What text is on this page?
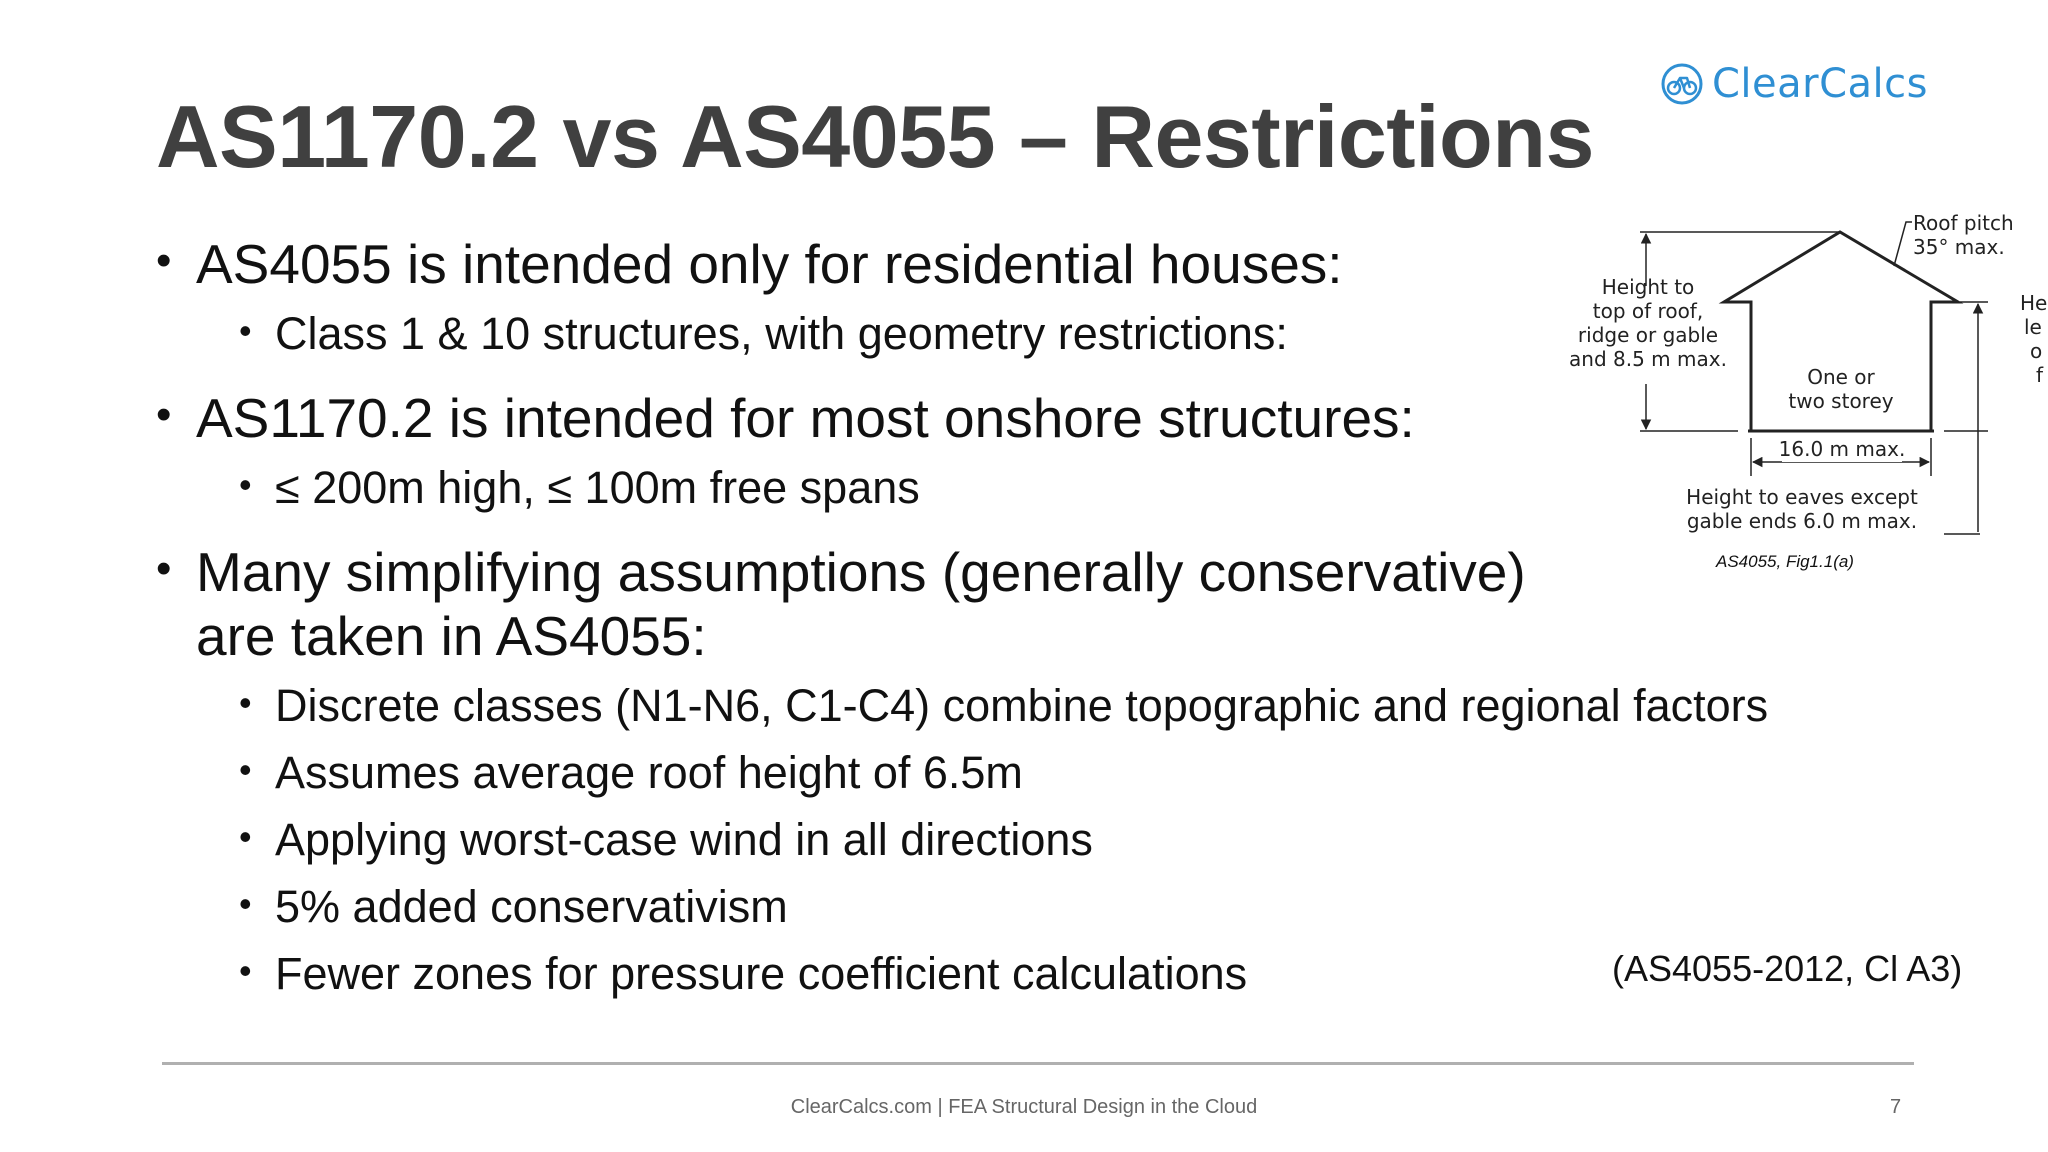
ClearCalcs
AS1170.2 vs AS4055 – Restrictions
• AS4055 is intended only for residential houses:
• Class 1 & 10 structures, with geometry restrictions:
• AS1170.2 is intended for most onshore structures:
• ≤ 200m high, ≤ 100m free spans
• Many simplifying assumptions (generally conservative)
are taken in AS4055:
• Discrete classes (N1-N6, C1-C4) combine topographic and regional factors
• Assumes average roof height of 6.5m
• Applying worst-case wind in all directions
• 5% added conservativism
• Fewer zones for pressure coefficient calculations	(AS4055-2012, Cl A3)
Roof pitch
35° max.
Height to
top of roof,
ridge or gable
and 8.5 m max.
One or
two storey
16.0 m max.
Height to eaves except
gable ends 6.0 m max.
He
le
o
f
AS4055, Fig1.1(a)
ClearCalcs.com | FEA Structural Design in the Cloud	7
